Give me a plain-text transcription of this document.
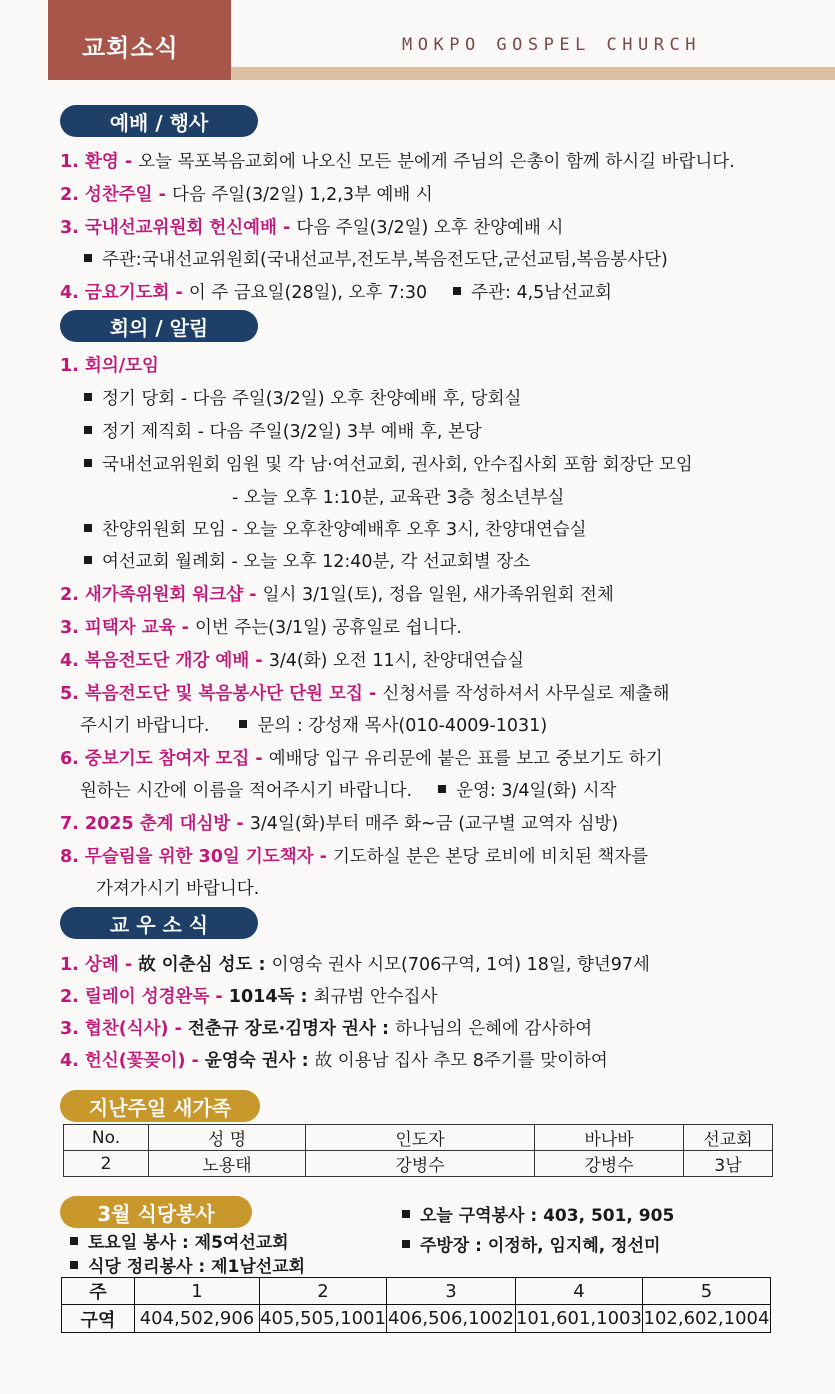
교회소식	MOKPO GOSPEL CHURCH
예배 / 행사
1. 환영 - 오늘 목포복음교회에 나오신 모든 분에게 주님의 은총이 함께 하시길 바랍니다.
2. 성찬주일 - 다음 주일(3/2일) 1,2,3부 예배 시
3. 국내선교위원회 헌신예배 - 다음 주일(3/2일) 오후 찬양예배 시
주관:국내선교위원회(국내선교부,전도부,복음전도단,군선교팀,복음봉사단)
4. 금요기도회 - 이 주 금요일(28일), 오후 7:30	주관: 4,5남선교회
회의 / 알림
1. 회의/모임
정기 당회 - 다음 주일(3/2일) 오후 찬양예배 후, 당회실
정기 제직회 - 다음 주일(3/2일) 3부 예배 후, 본당
국내선교위원회 임원 및 각 남·여선교회, 권사회, 안수집사회 포함 회장단 모임
- 오늘 오후 1:10분, 교육관 3층 청소년부실
찬양위원회 모임 - 오늘 오후찬양예배후 오후 3시, 찬양대연습실
여선교회 월례회 - 오늘 오후 12:40분, 각 선교회별 장소
2. 새가족위원회 워크샵 - 일시 3/1일(토), 정읍 일원, 새가족위원회 전체
3. 피택자 교육 - 이번 주는(3/1일) 공휴일로 쉽니다.
4. 복음전도단 개강 예배 - 3/4(화) 오전 11시, 찬양대연습실
5. 복음전도단 및 복음봉사단 단원 모집 - 신청서를 작성하셔서 사무실로 제출해
주시기 바랍니다.	문의 : 강성재 목사(010-4009-1031)
6. 중보기도 참여자 모집 - 예배당 입구 유리문에 붙은 표를 보고 중보기도 하기
원하는 시간에 이름을 적어주시기 바랍니다.	운영: 3/4일(화) 시작
7. 2025 춘계 대심방 - 3/4일(화)부터 매주 화~금 (교구별 교역자 심방)
8. 무슬림을 위한 30일 기도책자 - 기도하실 분은 본당 로비에 비치된 책자를
가져가시기 바랍니다.
교 우 소 식
1. 상례 - 故 이춘심 성도 : 이영숙 권사 시모(706구역, 1여) 18일, 향년97세
2. 릴레이 성경완독 - 1014독 : 최규범 안수집사
3. 협찬(식사) - 전춘규 장로·김명자 권사 : 하나님의 은혜에 감사하여
4. 헌신(꽃꽂이) - 윤영숙 권사 : 故 이용남 집사 추모 8주기를 맞이하여
지난주일 새가족
No.	성 명	인도자	바나바	선교회
2	노용태	강병수	강병수	3남
3월 식당봉사
토요일 봉사 : 제5여선교회
식당 정리봉사 : 제1남선교회
오늘 구역봉사 : 403, 501, 905
주방장 : 이정하, 임지혜, 정선미
주	1	2	3	4	5
구역	404,502,906	405,505,1001	406,506,1002	101,601,1003	102,602,1004
